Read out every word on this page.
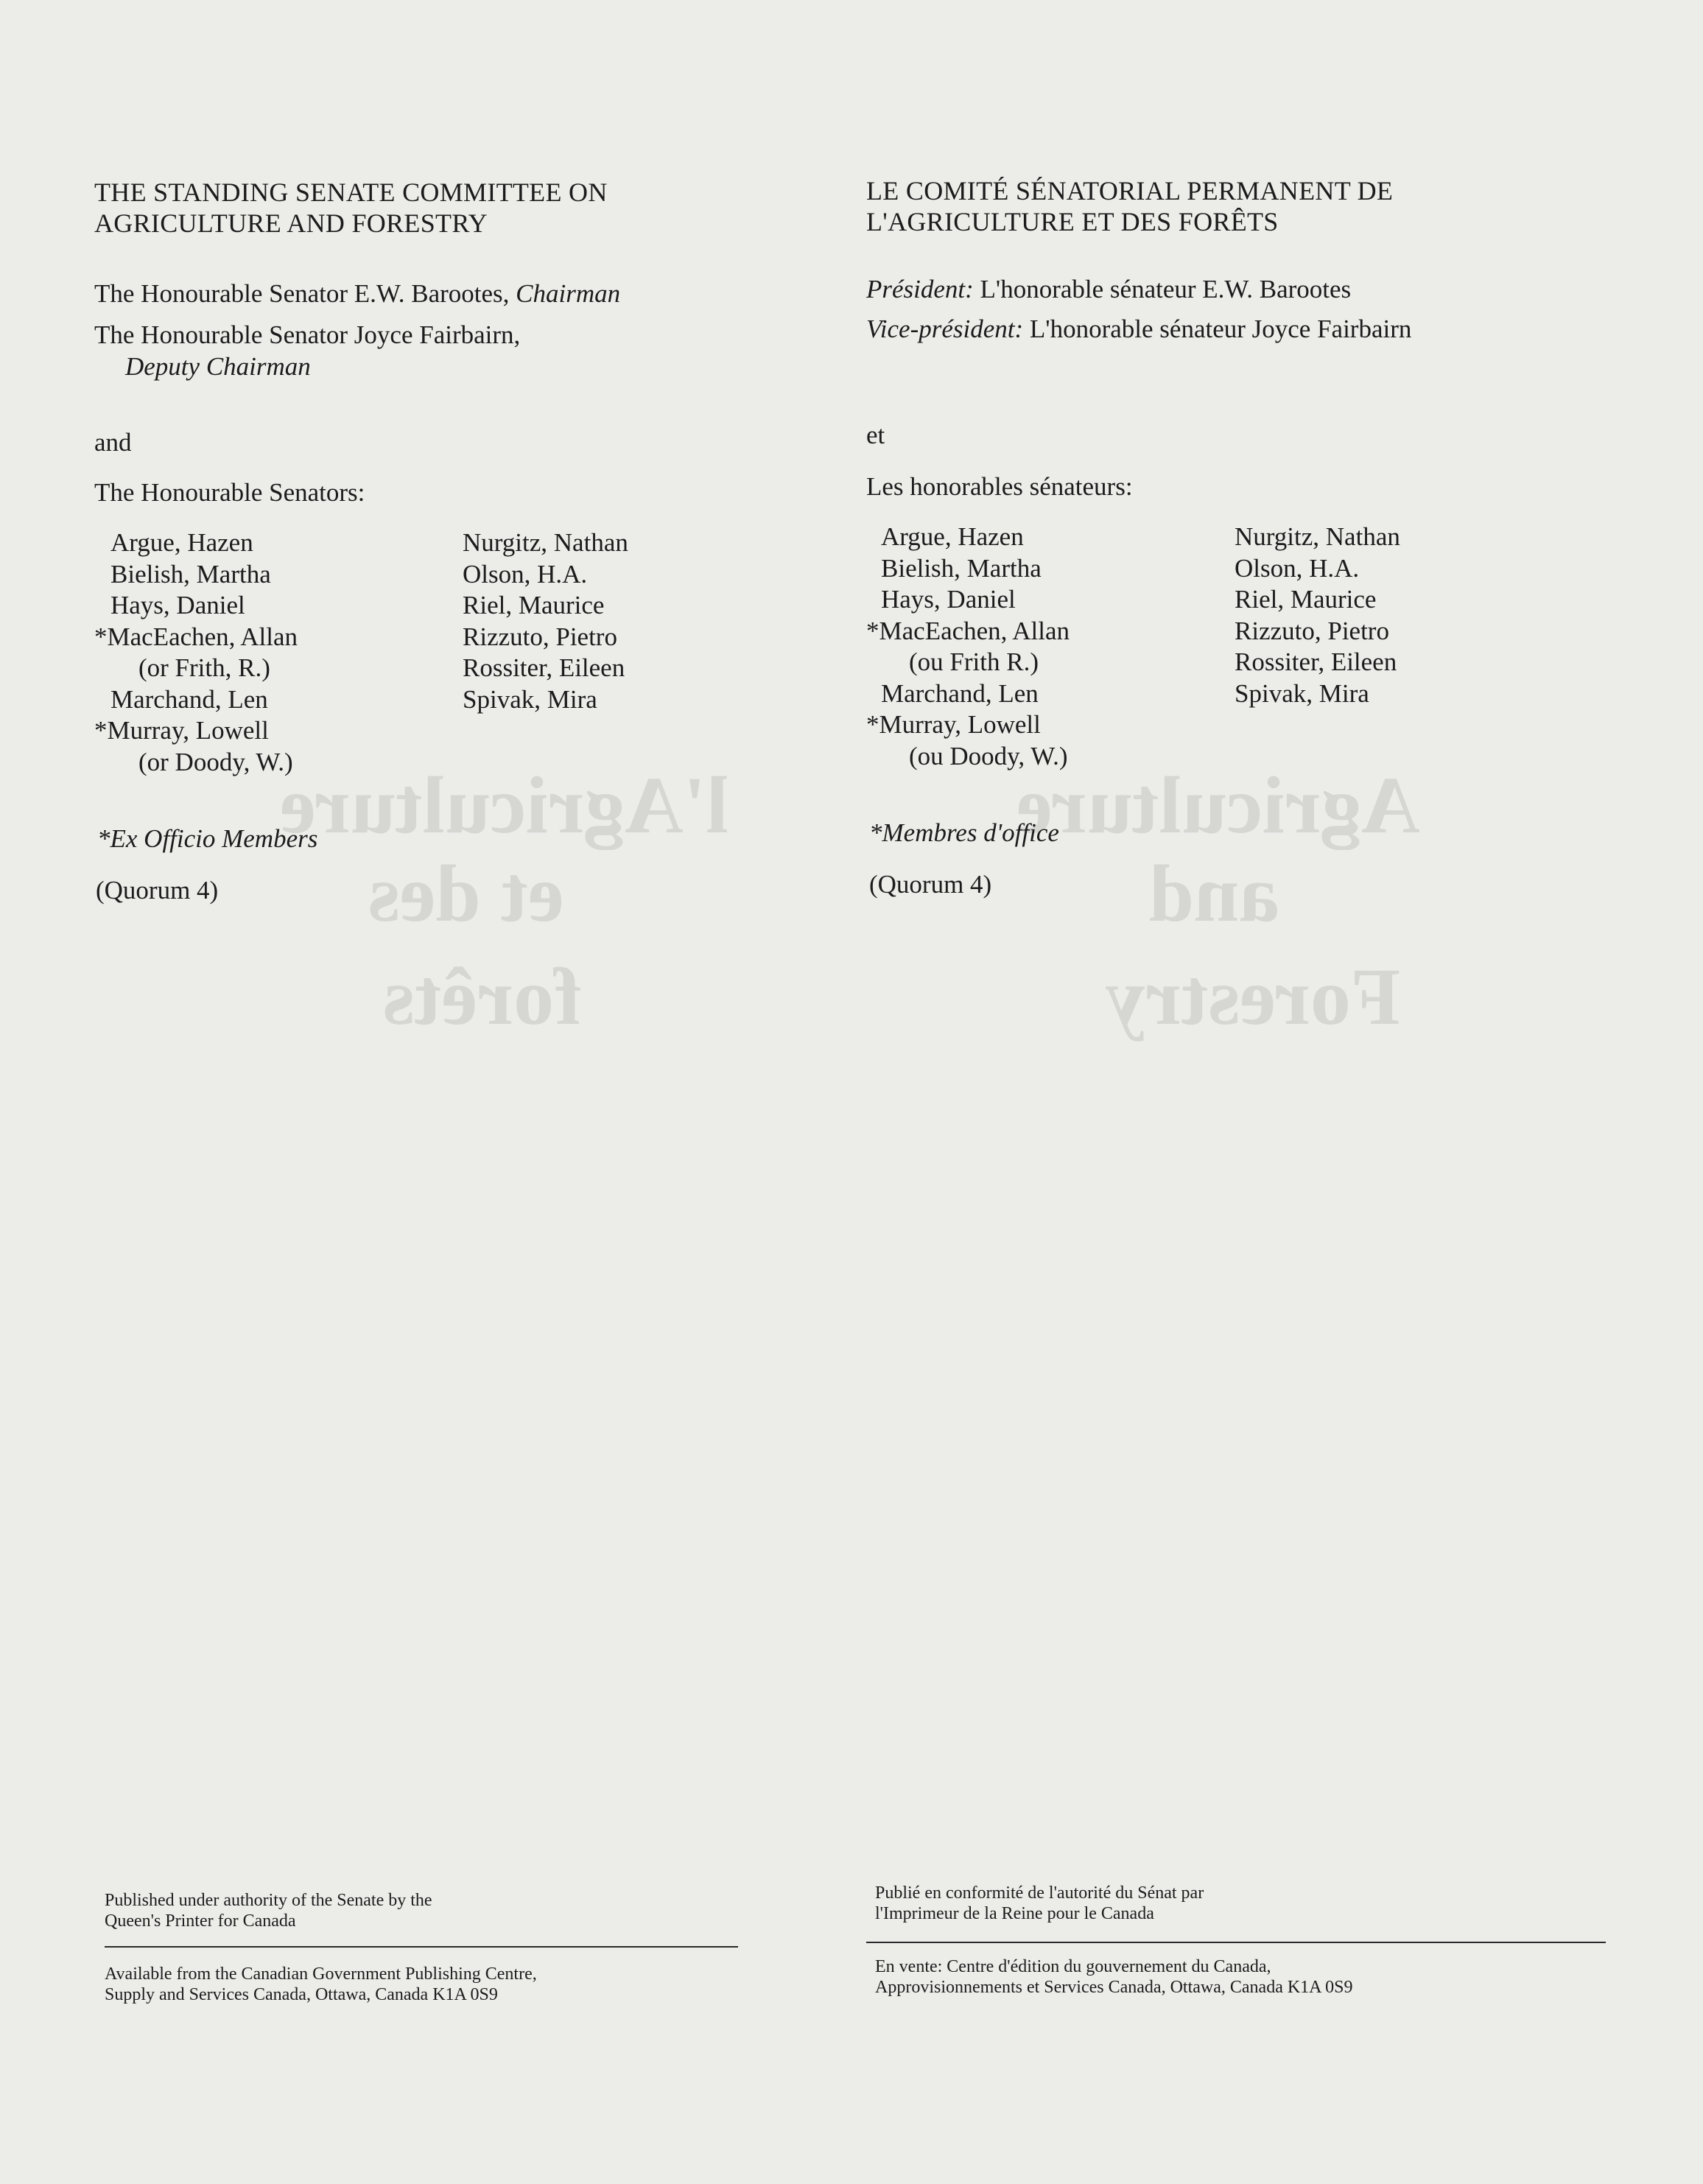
l'Agriculture	Agriculture
and
et des
forêts	Forestry
THE STANDING SENATE COMMITTEE ON
AGRICULTURE AND FORESTRY
The Honourable Senator E.W. Barootes, Chairman
The Honourable Senator Joyce Fairbairn,
Deputy Chairman
and
The Honourable Senators:
Argue, Hazen
Bielish, Martha
Hays, Daniel
*MacEachen, Allan
(or Frith, R.)
Marchand, Len
*Murray, Lowell
(or Doody, W.)
Nurgitz, Nathan
Olson, H.A.
Riel, Maurice
Rizzuto, Pietro
Rossiter, Eileen
Spivak, Mira
*Ex Officio Members
(Quorum 4)
Published under authority of the Senate by the
Queen's Printer for Canada
Available from the Canadian Government Publishing Centre,
Supply and Services Canada, Ottawa, Canada K1A 0S9
LE COMITÉ SÉNATORIAL PERMANENT DE
L'AGRICULTURE ET DES FORÊTS
Président: L'honorable sénateur E.W. Barootes
Vice-président: L'honorable sénateur Joyce Fairbairn
et
Les honorables sénateurs:
Argue, Hazen
Bielish, Martha
Hays, Daniel
*MacEachen, Allan
(ou Frith R.)
Marchand, Len
*Murray, Lowell
(ou Doody, W.)
Nurgitz, Nathan
Olson, H.A.
Riel, Maurice
Rizzuto, Pietro
Rossiter, Eileen
Spivak, Mira
*Membres d'office
(Quorum 4)
Publié en conformité de l'autorité du Sénat par
l'Imprimeur de la Reine pour le Canada
En vente: Centre d'édition du gouvernement du Canada,
Approvisionnements et Services Canada, Ottawa, Canada K1A 0S9
